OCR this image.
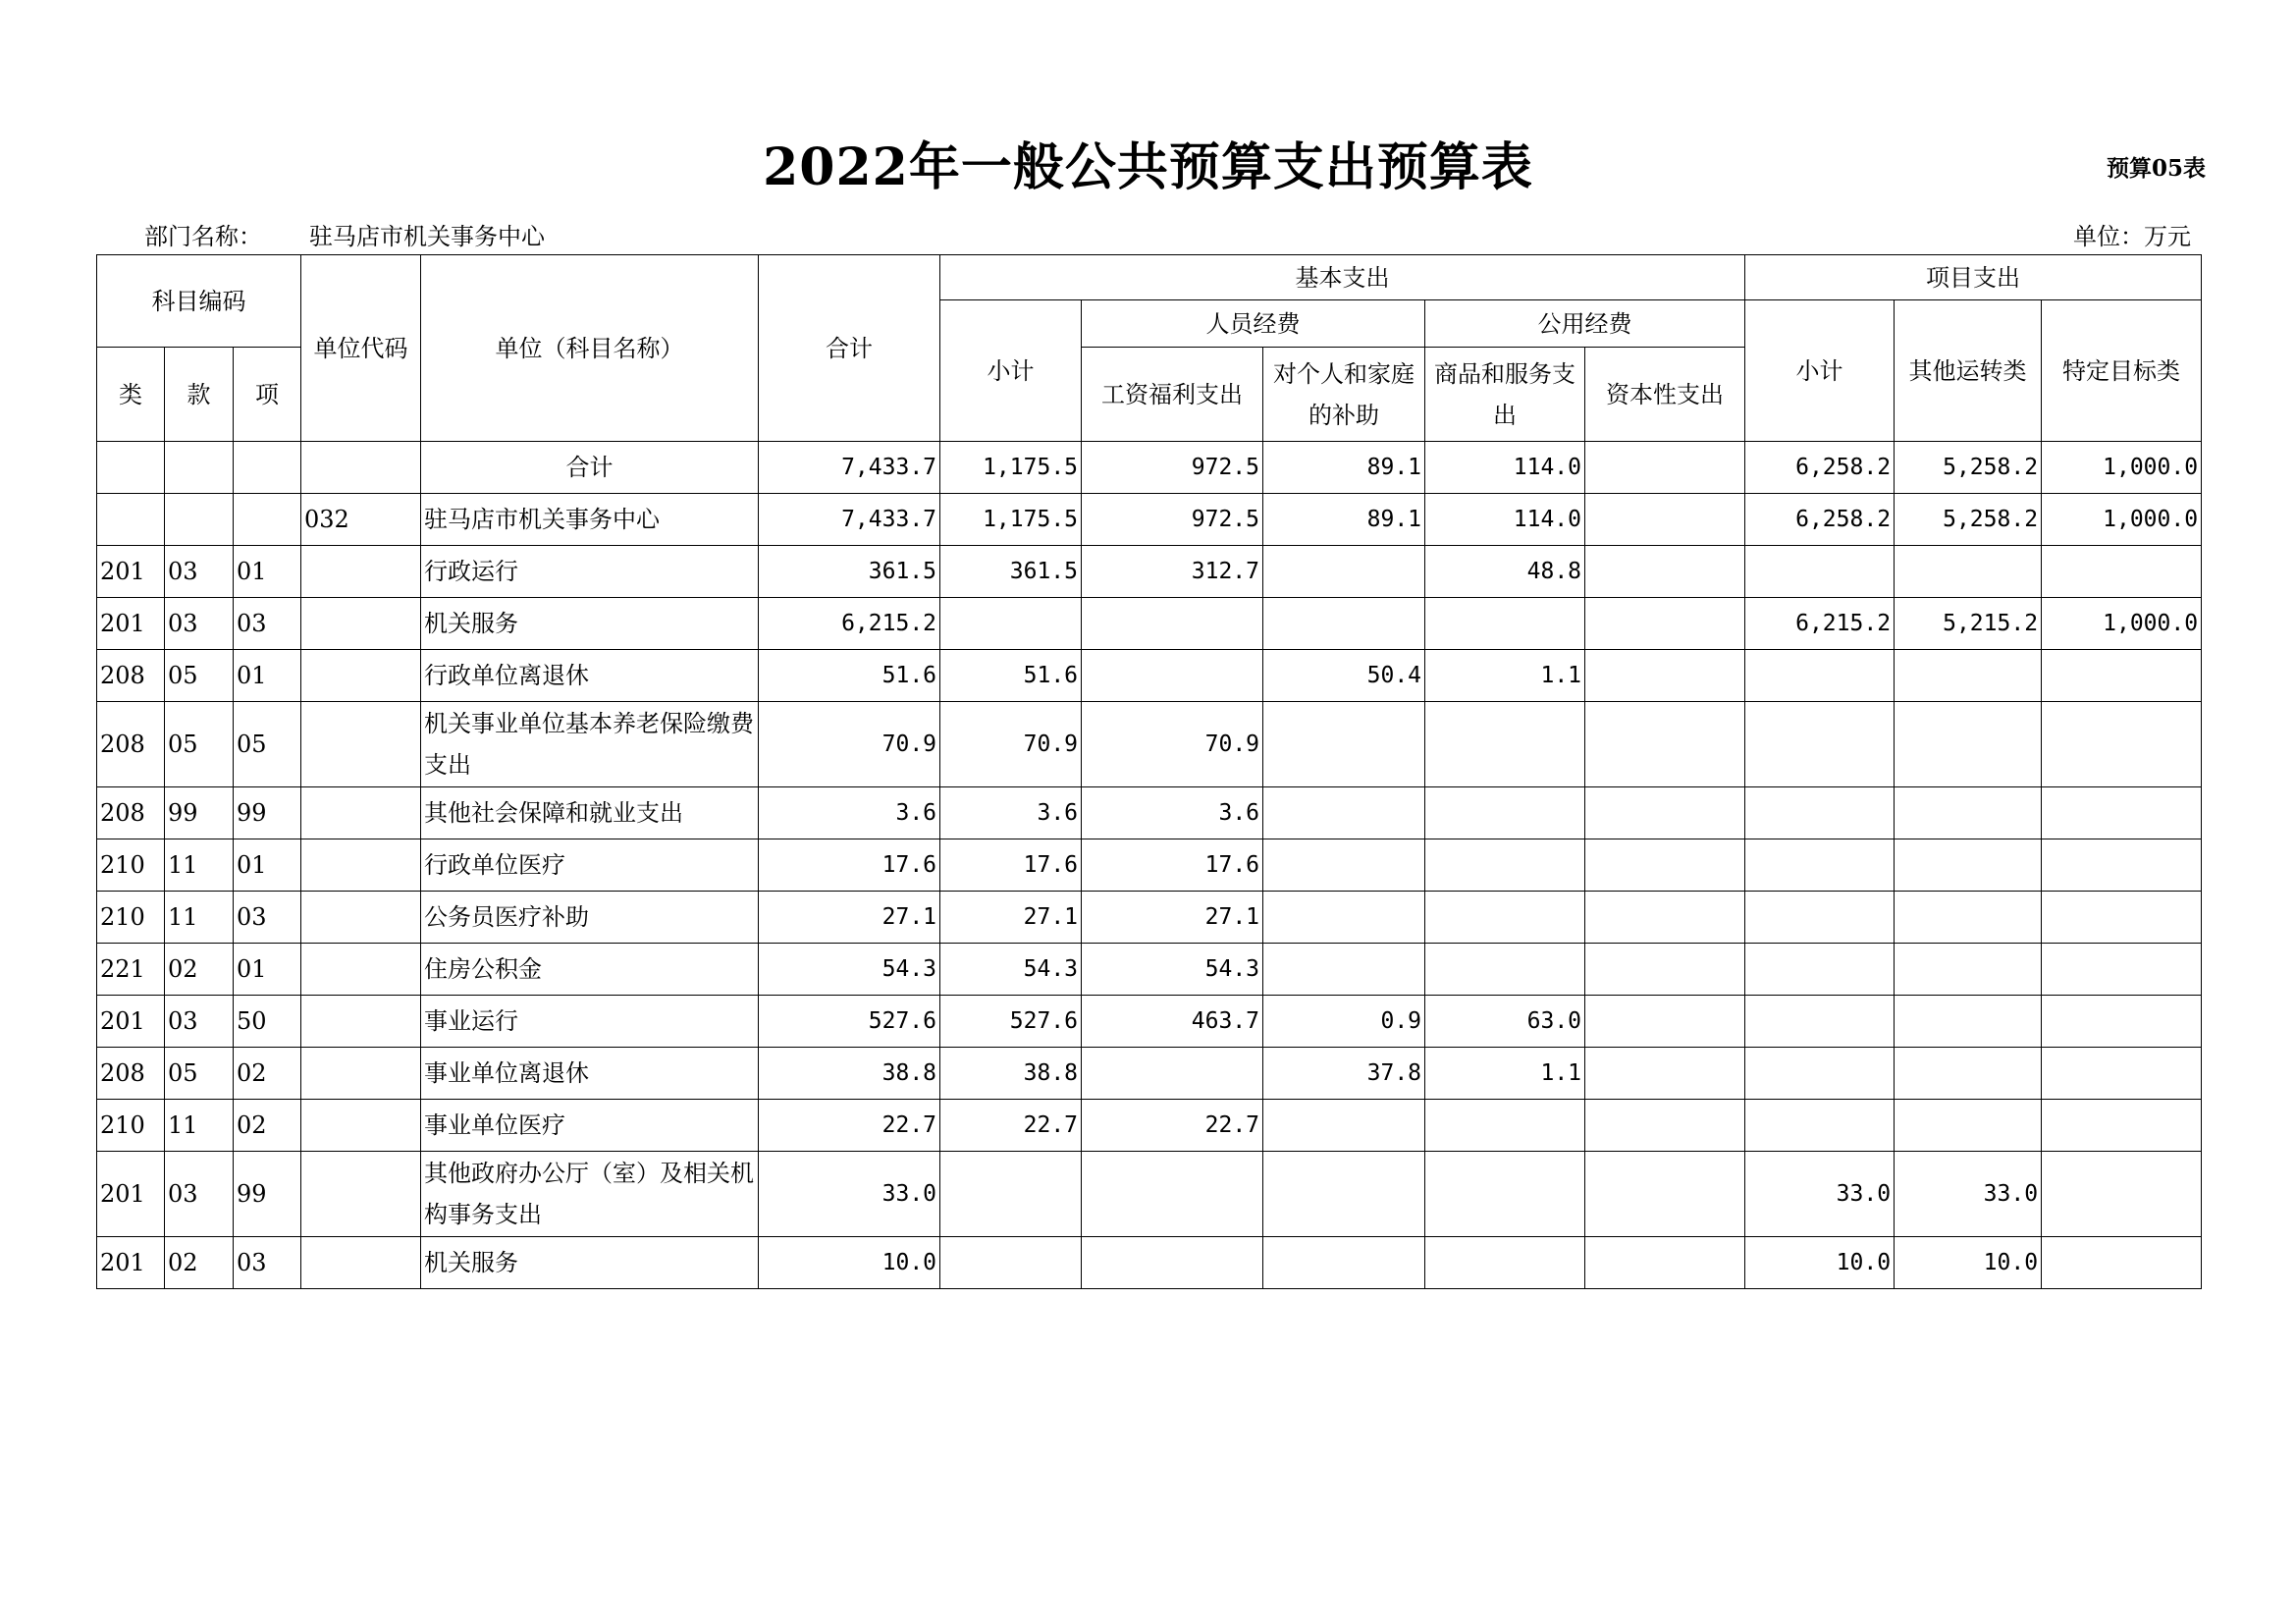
2022年一般公共预算支出预算表	预算05表
部门名称： 驻马店市机关事务中心	单位：万元
科目编码			单位代码	单位（科目名称）	合计	基本支出					项目支出		
						小计	人员经费		公用经费		小计	其他运转类	特定目标类
类	款	项					工资福利支出	对个人和家庭的补助	商品和服务支出	资本性支出			
				合计	7,433.7	1,175.5	972.5	89.1	114.0		6,258.2	5,258.2	1,000.0
			032	驻马店市机关事务中心	7,433.7	1,175.5	972.5	89.1	114.0		6,258.2	5,258.2	1,000.0
201	03	01		行政运行	361.5	361.5	312.7		48.8				
201	03	03		机关服务	6,215.2						6,215.2	5,215.2	1,000.0
208	05	01		行政单位离退休	51.6	51.6		50.4	1.1				
208	05	05		机关事业单位基本养老保险缴费支出	70.9	70.9	70.9						
208	99	99		其他社会保障和就业支出	3.6	3.6	3.6						
210	11	01		行政单位医疗	17.6	17.6	17.6						
210	11	03		公务员医疗补助	27.1	27.1	27.1						
221	02	01		住房公积金	54.3	54.3	54.3						
201	03	50		事业运行	527.6	527.6	463.7	0.9	63.0				
208	05	02		事业单位离退休	38.8	38.8		37.8	1.1				
210	11	02		事业单位医疗	22.7	22.7	22.7						
201	03	99		其他政府办公厅（室）及相关机构事务支出	33.0						33.0	33.0	
201	02	03		机关服务	10.0						10.0	10.0	
